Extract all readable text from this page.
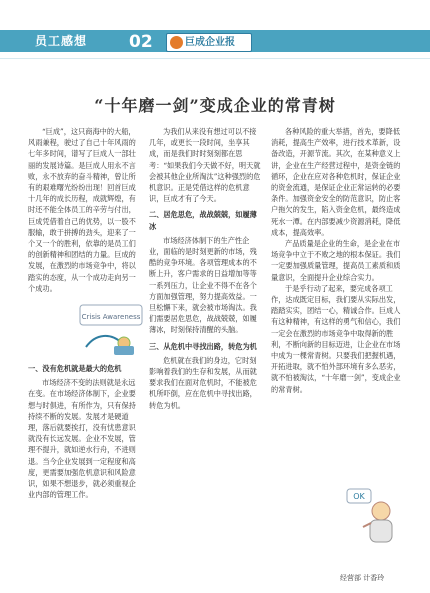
员工感想 02	巨成企业报
“十年磨一剑”变成企业的常青树

“巨成”，这只商海中的大船，风雨兼程，驶过了自己十年风雨的 七年多时间，谱写了巨成人一部壮丽的发展诗篇。是巨成人用永不言败，永不放弃的奋斗精神，曾让所有的艰难曙光纷纷出现！回首巨成十几年的成长历程，成就辉煌，有时还不能全体员工的辛劳与付出，巨成凭借着自己的优势，以一股不服输，敢于拼搏的劲头，迎来了一个又一个的胜利，依靠的是员工们的创新精神和团结的力量。巨成的发展，在激烈的市场竞争中，将以踏实的态度，从一个成功走向另一个成功。

一、没有危机就是最大的危机

市场经济不变的法则就是永远在变。在市场经济体制下，企业要想与时俱进，有所作为，只有保持持续不断的发展。发展才是硬道理，落后就要挨打，没有忧患意识就没有长远发展。企业不发展，管理不提升，就如逆水行舟，不进则退。当今企业发展到一定程度和高度，更需要加强危机意识和风险意识，如果不想退步，就必须重视企业内部的管理工作。

为我们从来没有想过可以不接几年，或更长一段时间，坐享其成，而是我们时时刻刻都在思考：“如果我们今天做不好，明天就会被其他企业所淘汰”这种强烈的危机意识。正是凭借这样的危机意识，巨成才有了今天。

二、居危思危，战战兢兢，如履薄冰

市场经济体制下的生产性企业，面临的是时刻更新的市场，残酷的竞争环境。各项管理成本的不断上升，客户需求的日益增加等等一系列压力，让企业不得不在各个方面加强管理，努力提高效益。一旦松懈下来，就会被市场淘汰。我们需要居危思危，战战兢兢，如履薄冰，时刻保持清醒的头脑。

三、从危机中寻找出路，转危为机

危机就在我们的身边，它时刻影响着我们的生存和发展，从而就要求我们在面对危机时，不能被危机所吓倒，应在危机中寻找出路，转危为机。

各种风险的重大举措，首先，要降低消耗，提高生产效率，进行技术革新，设备改造，开源节流。其次，在某种意义上讲，企业在生产经营过程中，是资金链的循环，企业在应对各种危机时，保证企业的资金流通，是保证企业正常运转的必要条件。加强资金安全的防范意识，防止客户拖欠的发生，陷入资金危机，最终造成死水一潭。在内部要减少资源消耗，降低成本，提高效率。

产品质量是企业的生命，是企业在市场竞争中立于不败之地的根本保证。我们一定要加强质量管理，提高员工素质和质量意识，全面提升企业综合实力。

于是乎行动了起来，要完成各项工作，达成既定目标，我们要从实际出发，踏踏实实，团结一心，精诚合作。巨成人有这种精神，有这样的勇气和信心，我们一定会在激烈的市场竞争中取得新的胜利，不断向新的目标迈进，让企业在市场中成为一棵常青树。只要我们把握机遇，开拓进取，就不怕外部环境有多么恶劣，就不怕被淘汰，“十年磨一剑”，变成企业的常青树。

Crisis Awareness
OK
经营部 计香玲
